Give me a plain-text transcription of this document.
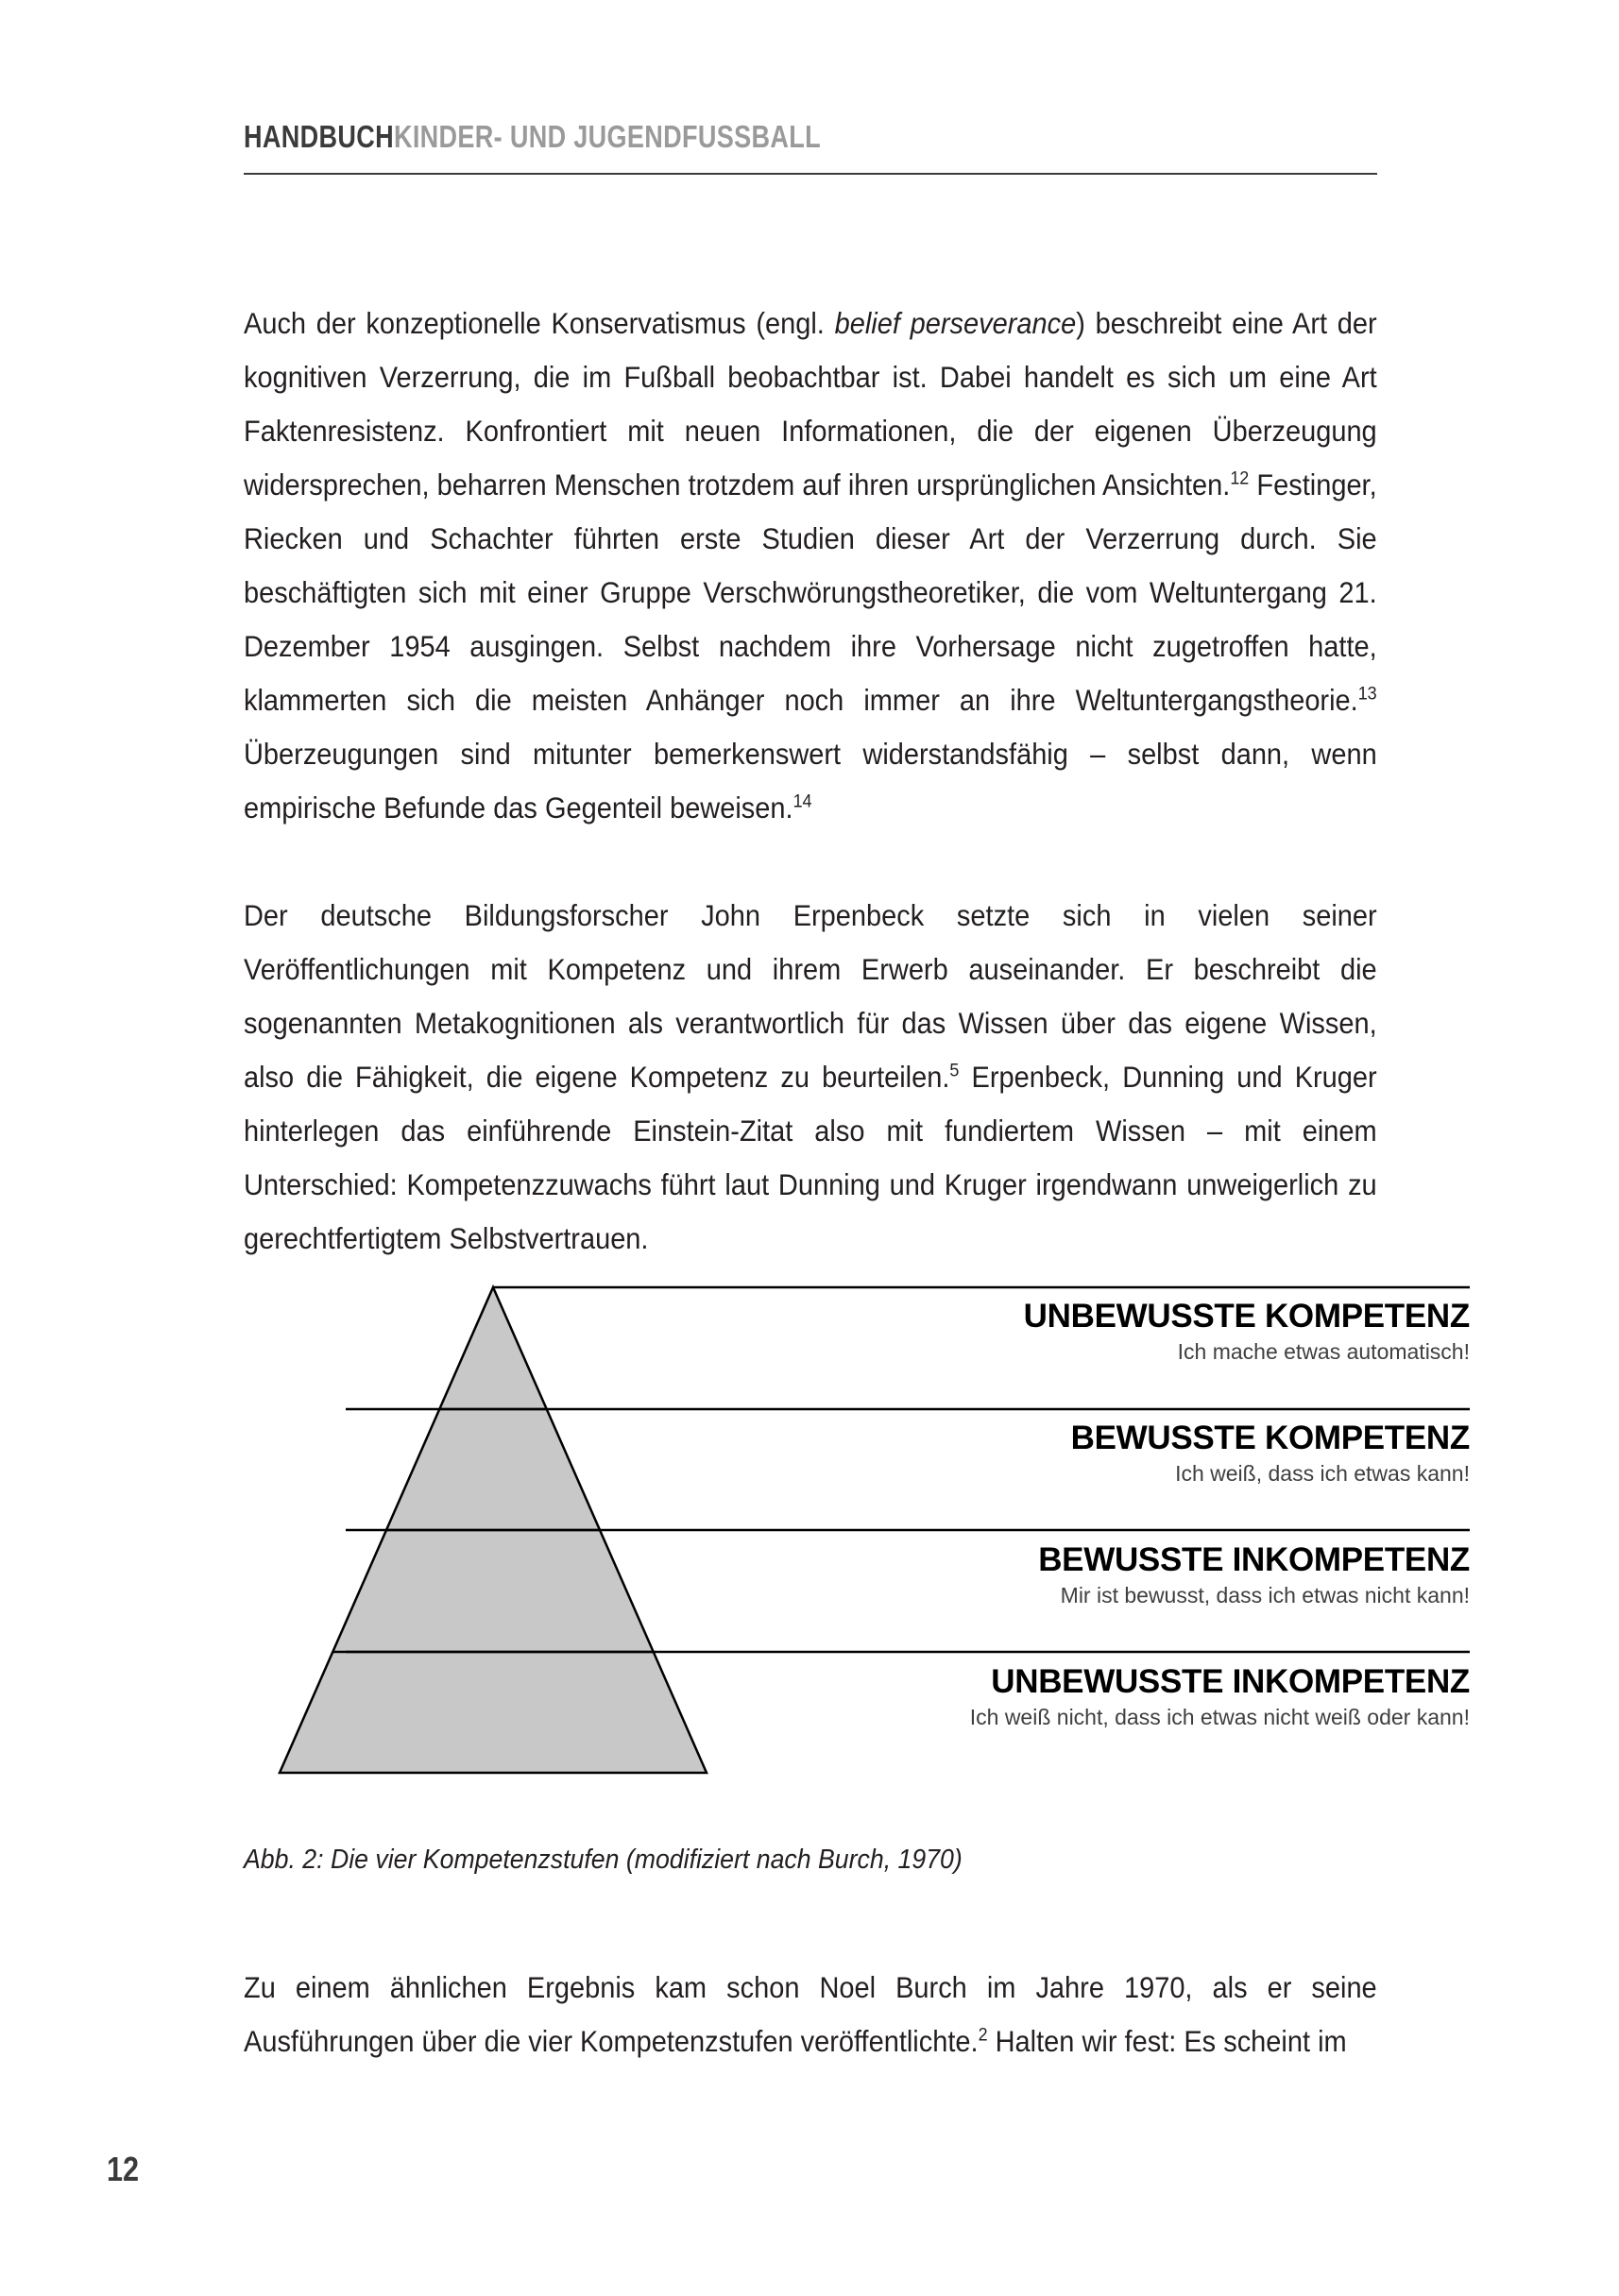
HANDBUCHKINDER- UND JUGENDFUSSBALL
Auch der konzeptionelle Konservatismus (engl. belief perseverance) beschreibt eine Art der kognitiven Verzerrung, die im Fußball beobachtbar ist. Dabei handelt es sich um eine Art Faktenresistenz. Konfrontiert mit neuen Informationen, die der eigenen Überzeugung widersprechen, beharren Menschen trotzdem auf ihren ursprünglichen Ansichten.$^{12}$ Festinger, Riecken und Schachter führten erste Studien dieser Art der Verzerrung durch. Sie beschäftigten sich mit einer Gruppe Verschwörungstheoretiker, die vom Weltuntergang 21. Dezember 1954 ausgingen. Selbst nachdem ihre Vorhersage nicht zugetroffen hatte, klammerten sich die meisten Anhänger noch immer an ihre Weltuntergangstheorie.$^{13}$ Überzeugungen sind mitunter bemerkenswert widerstandsfähig – selbst dann, wenn empirische Befunde das Gegenteil beweisen.$^{14}$
Der deutsche Bildungsforscher John Erpenbeck setzte sich in vielen seiner Veröffentlichungen mit Kompetenz und ihrem Erwerb auseinander. Er beschreibt die sogenannten Metakognitionen als verantwortlich für das Wissen über das eigene Wissen, also die Fähigkeit, die eigene Kompetenz zu beurteilen.$^5$ Erpenbeck, Dunning und Kruger hinterlegen das einführende Einstein-Zitat also mit fundiertem Wissen – mit einem Unterschied: Kompetenzzuwachs führt laut Dunning und Kruger irgendwann unweigerlich zu gerechtfertigtem Selbstvertrauen.
UNBEWUSSTE KOMPETENZ
Ich mache etwas automatisch!
BEWUSSTE KOMPETENZ
Ich weiß, dass ich etwas kann!
BEWUSSTE INKOMPETENZ
Mir ist bewusst, dass ich etwas nicht kann!
UNBEWUSSTE INKOMPETENZ
Ich weiß nicht, dass ich etwas nicht weiß oder kann!
Abb. 2: Die vier Kompetenzstufen (modifiziert nach Burch, 1970)
Zu einem ähnlichen Ergebnis kam schon Noel Burch im Jahre 1970, als er seine Ausführungen über die vier Kompetenzstufen veröffentlichte.$^2$ Halten wir fest: Es scheint im
12
